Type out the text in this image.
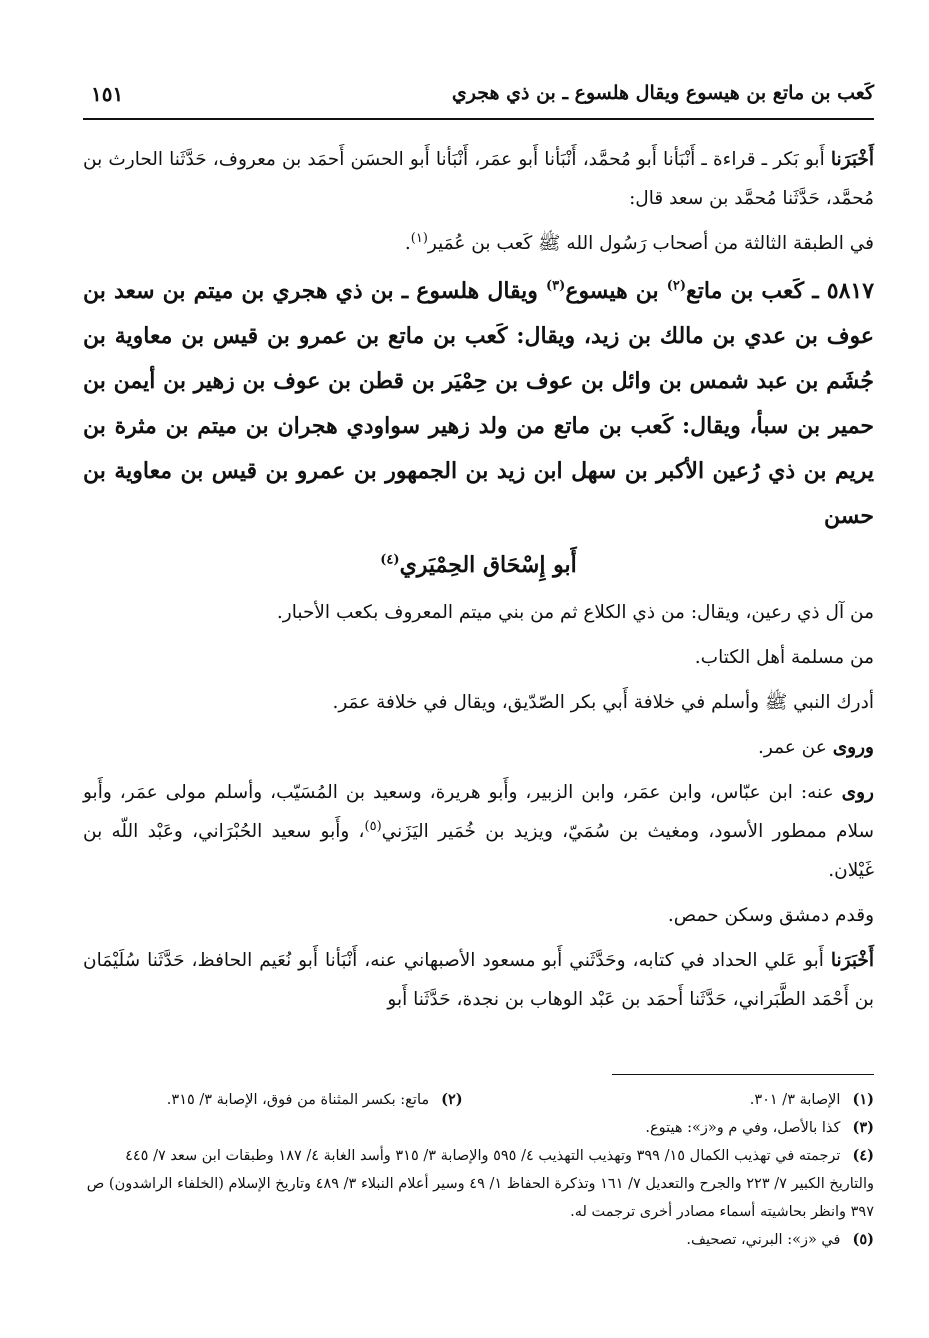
كَعب بن ماتع بن هيسوع ويقال هلسوع ـ بن ذي هجري
١٥١

أَخْبَرَنا أَبو بَكر ـ قراءة ـ أَنْبَأنا أَبو مُحمَّد، أَنْبَأنا أَبو عمَر، أَنْبَأنا أَبو الحسَن أَحمَد بن معروف، حَدَّثَنا الحارث بن مُحمَّد، حَدَّثَنا مُحمَّد بن سعد قال:

في الطبقة الثالثة من أصحاب رَسُول الله ﷺ كَعب بن عُمَير$^{(١)}$.

٥٨١٧ ـ كَعب بن ماتع$^{(٢)}$ بن هيسوع$^{(٣)}$ ويقال هلسوع ـ بن ذي هجري بن ميتم بن سعد بن عوف بن عدي بن مالك بن زيد، ويقال: كَعب بن ماتع بن عمرو بن قيس بن معاوية بن جُشَم بن عبد شمس بن وائل بن عوف بن حِمْيَر بن قطن بن عوف بن زهير بن أيمن بن حمير بن سبأ، ويقال: كَعب بن ماتع من ولد زهير سواودي هجران بن ميتم بن مثرة بن يريم بن ذي رُعين الأكبر بن سهل ابن زيد بن الجمهور بن عمرو بن قيس بن معاوية بن حسن

أَبو إِسْحَاق الحِمْيَري$^{(٤)}$

من آل ذي رعين، ويقال: من ذي الكلاع ثم من بني ميتم المعروف بكعب الأحبار.

من مسلمة أهل الكتاب.

أدرك النبي ﷺ وأسلم في خلافة أَبي بكر الصّدّيق، ويقال في خلافة عمَر.

وروى عن عمر.

روى عنه: ابن عبّاس، وابن عمَر، وابن الزبير، وأَبو هريرة، وسعيد بن المُسَيّب، وأسلم مولى عمَر، وأَبو سلام ممطور الأسود، ومغيث بن سُمَيّ، ويزيد بن خُمَير اليَزَني$^{(٥)}$، وأَبو سعيد الحُبْرَاني، وعَبْد اللّه بن غَيْلان.

وقدم دمشق وسكن حمص.

أَخْبَرَنا أَبو عَلي الحداد في كتابه، وحَدَّثَني أَبو مسعود الأصبهاني عنه، أَنْبَأنا أَبو نُعَيم الحافظ، حَدَّثَنا سُلَيْمَان بن أَحْمَد الطَّبَراني، حَدَّثَنا أَحمَد بن عَبْد الوهاب بن نجدة، حَدَّثَنا أَبو

(١)الإصابة ٣/ ٣٠١.

(٢)ماتع: بكسر المثناة من فوق، الإصابة ٣/ ٣١٥.

(٣)كذا بالأصل، وفي م و«ز»: هيتوع.

(٤)ترجمته في تهذيب الكمال ١٥/ ٣٩٩ وتهذيب التهذيب ٤/ ٥٩٥ والإصابة ٣/ ٣١٥ وأسد الغابة ٤/ ١٨٧ وطبقات ابن سعد ٧/ ٤٤٥ والتاريخ الكبير ٧/ ٢٢٣ والجرح والتعديل ٧/ ١٦١ وتذكرة الحفاظ ١/ ٤٩ وسير أعلام النبلاء ٣/ ٤٨٩ وتاريخ الإسلام (الخلفاء الراشدون) ص ٣٩٧ وانظر بحاشيته أسماء مصادر أخرى ترجمت له.

(٥)في «ز»: البرني، تصحيف.
